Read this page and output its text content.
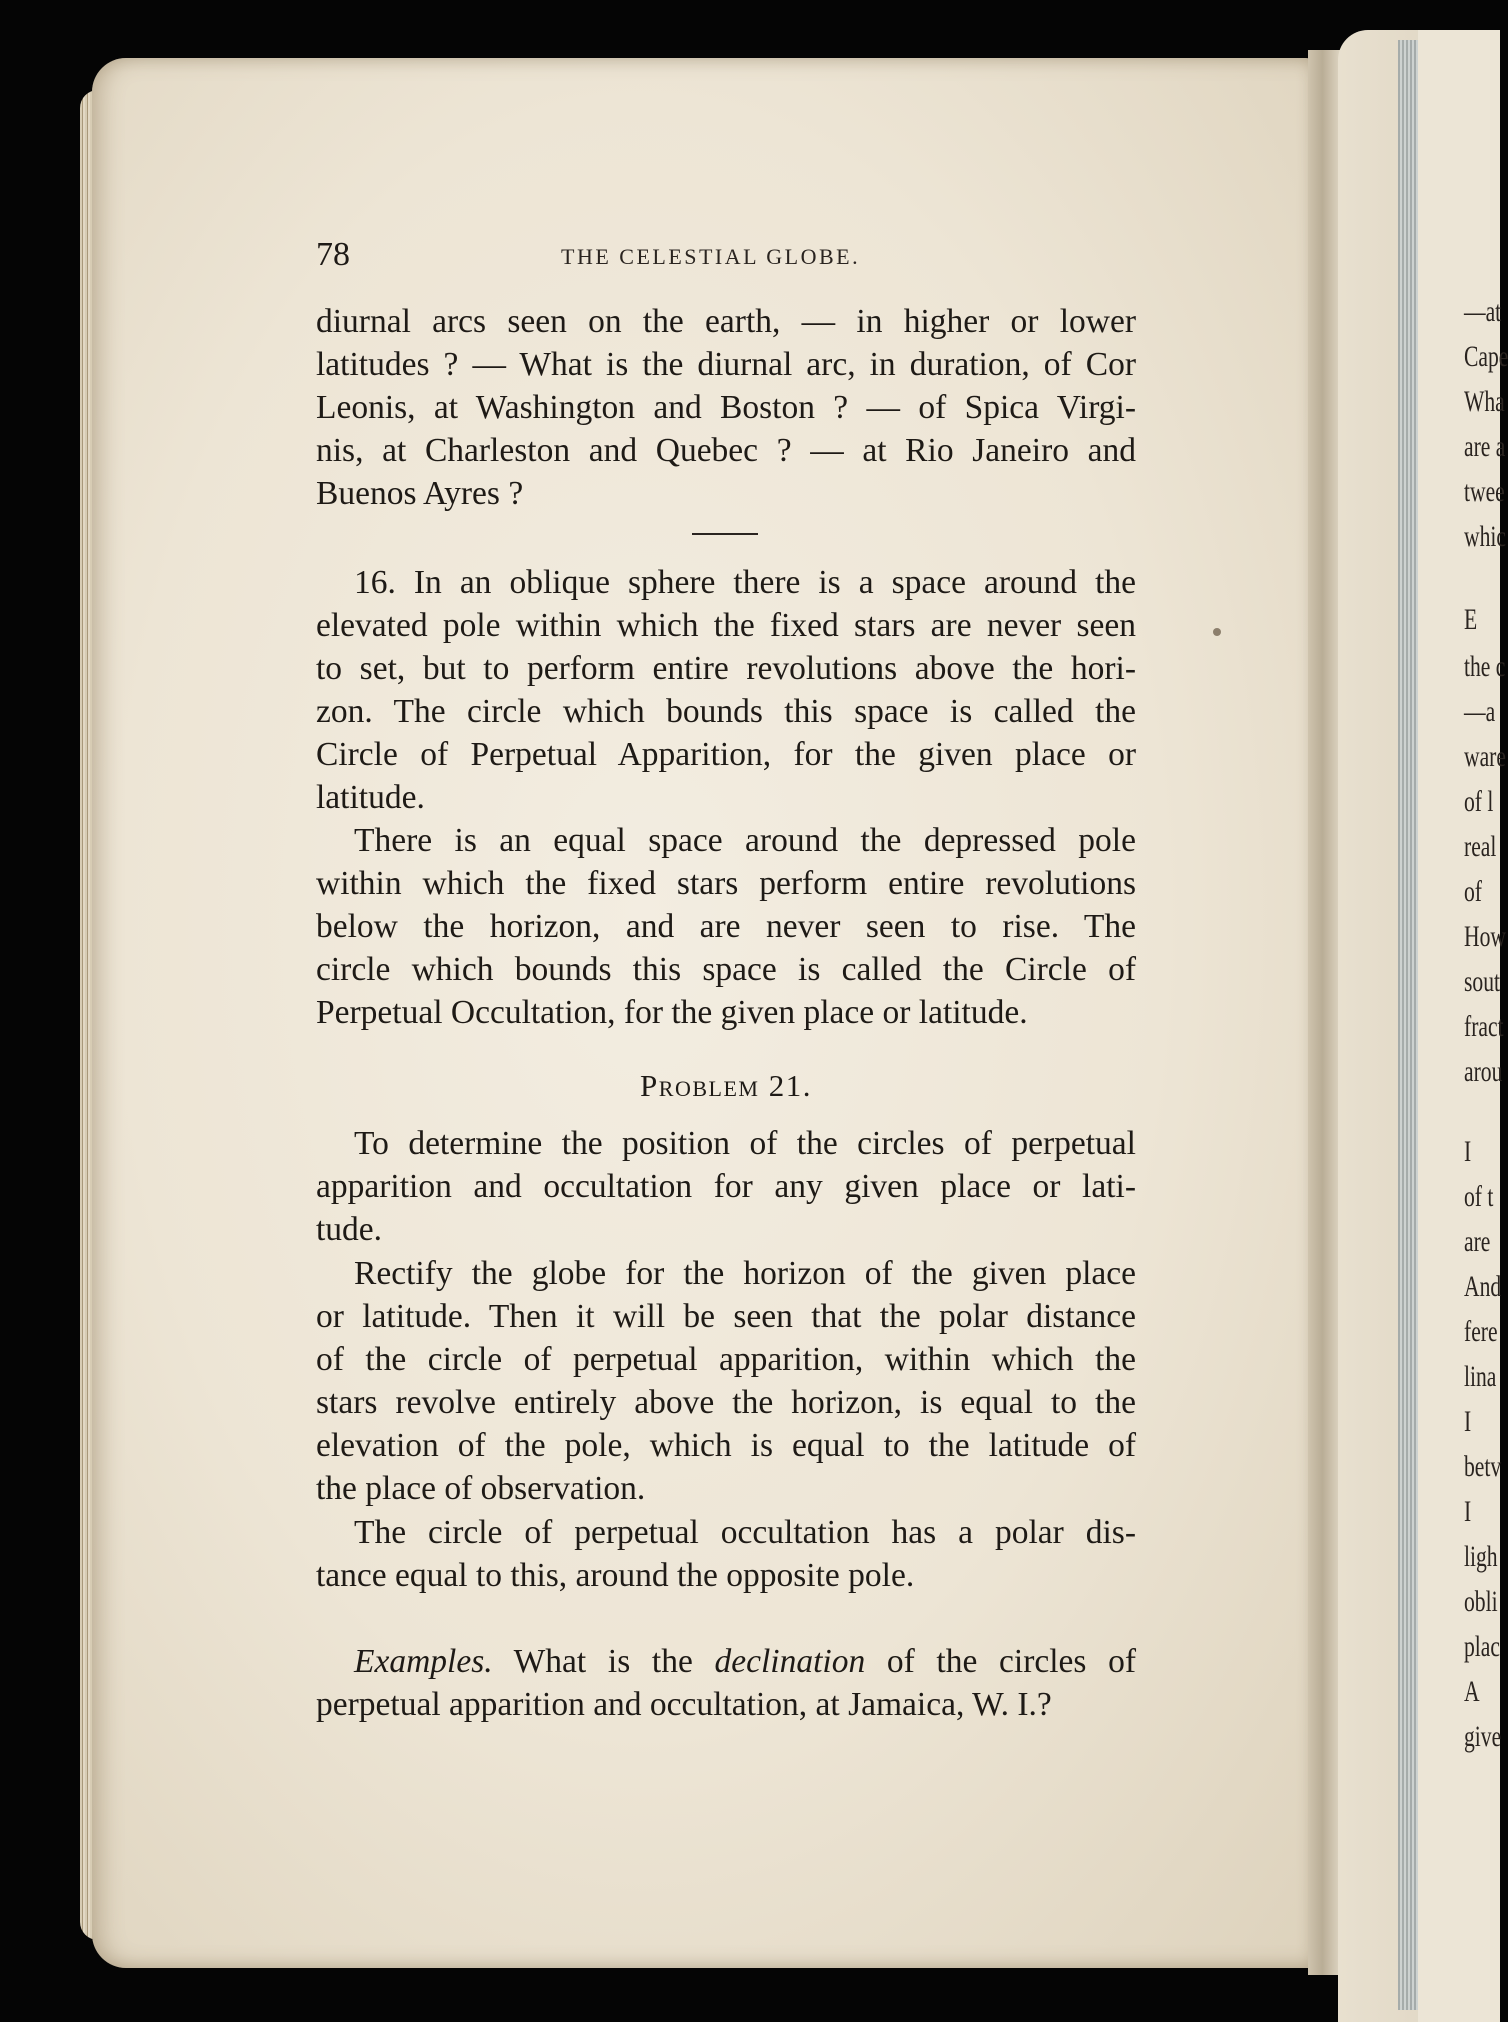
—at
Cape
Wha
are a
twee
whic
E
the c
—a
ware
of l
real
of
How
sout
fract
arou
I
of t
are
And
fere
lina
I
betv
I
ligh
obli
plac
A
give
78	THE CELESTIAL GLOBE.

diurnal arcs seen on the earth, — in higher or lower

latitudes ? — What is the diurnal arc, in duration, of Cor

Leonis, at Washington and Boston ? — of Spica Virgi-

nis, at Charleston and Quebec ? — at Rio Janeiro and

Buenos Ayres ?

16. In an oblique sphere there is a space around the

elevated pole within which the fixed stars are never seen

to set, but to perform entire revolutions above the hori-

zon. The circle which bounds this space is called the

Circle of Perpetual Apparition, for the given place or

latitude.

There is an equal space around the depressed pole

within which the fixed stars perform entire revolutions

below the horizon, and are never seen to rise. The

circle which bounds this space is called the Circle of

Perpetual Occultation, for the given place or latitude.

Problem 21.

To determine the position of the circles of perpetual

apparition and occultation for any given place or lati-

tude.

Rectify the globe for the horizon of the given place

or latitude. Then it will be seen that the polar distance

of the circle of perpetual apparition, within which the

stars revolve entirely above the horizon, is equal to the

elevation of the pole, which is equal to the latitude of

the place of observation.

The circle of perpetual occultation has a polar dis-

tance equal to this, around the opposite pole.

Examples. What is the declination of the circles of

perpetual apparition and occultation, at Jamaica, W. I.?
